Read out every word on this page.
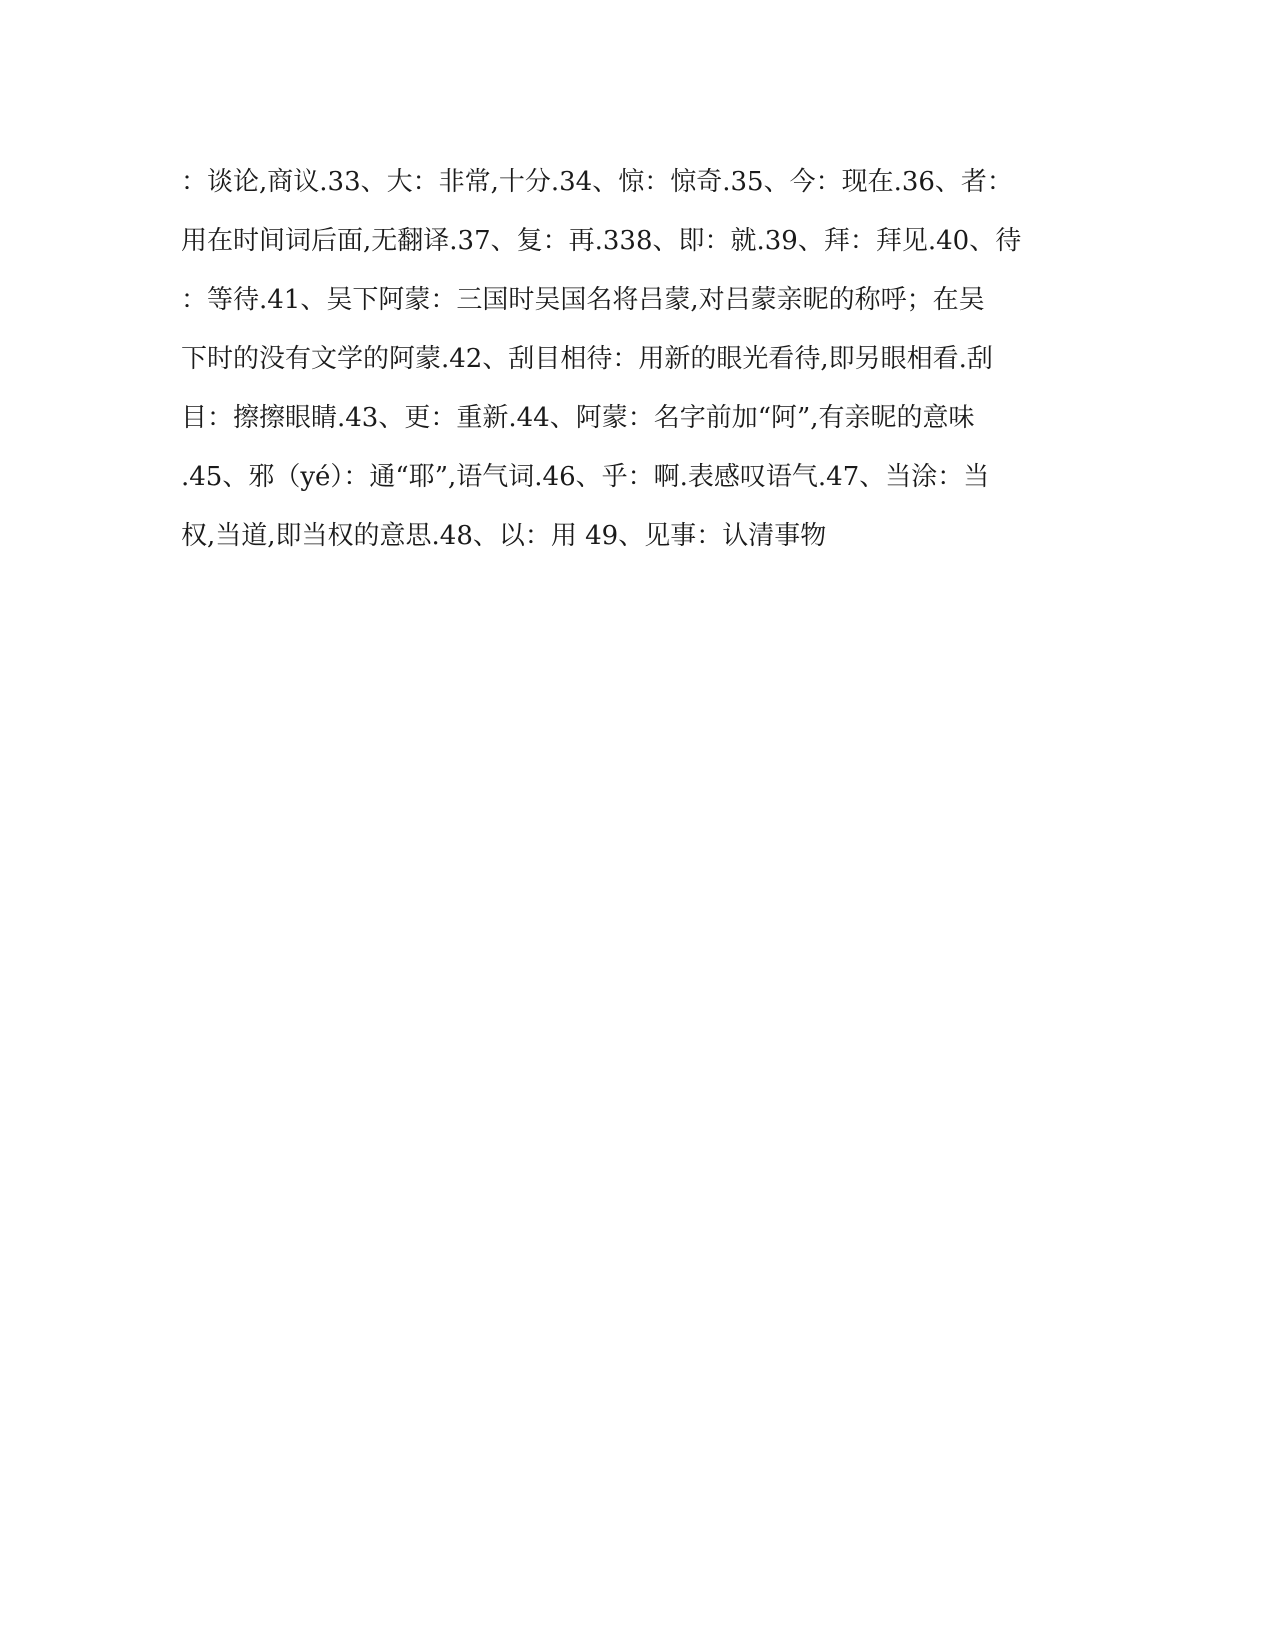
：谈论,商议.33、大：非常,十分.34、惊：惊奇.35、今：现在.36、者：
用在时间词后面,无翻译.37、复：再.338、即：就.39、拜：拜见.40、待
：等待.41、吴下阿蒙：三国时吴国名将吕蒙,对吕蒙亲昵的称呼；在吴
下时的没有文学的阿蒙.42、刮目相待：用新的眼光看待,即另眼相看.刮
目：擦擦眼睛.43、更：重新.44、阿蒙：名字前加“阿”,有亲昵的意味
.45、邪（yé）：通“耶”,语气词.46、乎：啊.表感叹语气.47、当涂：当
权,当道,即当权的意思.48、以：用 49、见事：认清事物
